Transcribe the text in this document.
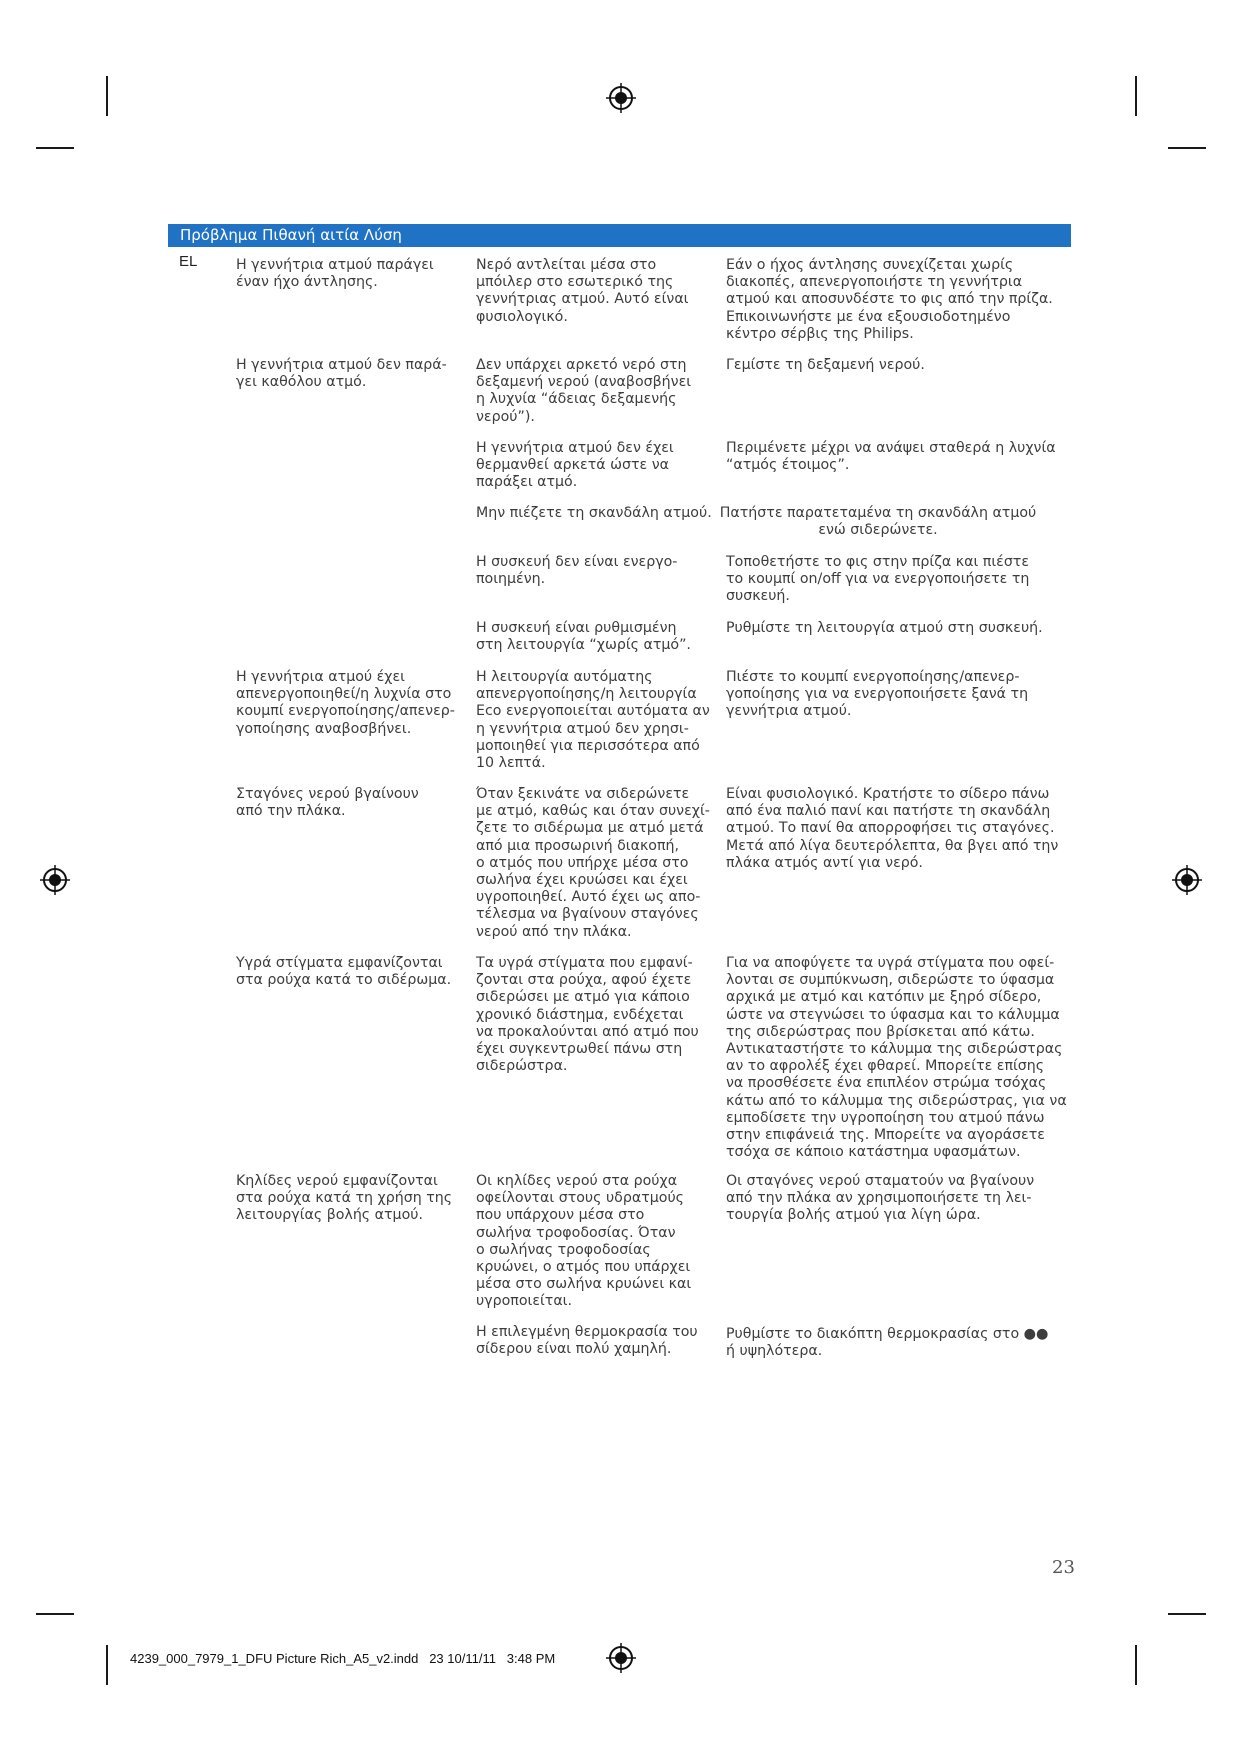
Πρόβλημα Πιθανή αιτία Λύση
EL	Η γεννήτρια ατμού παράγει
έναν ήχο άντλησης.
Νερό αντλείται μέσα στο
μπόιλερ στο εσωτερικό της
γεννήτριας ατμού. Αυτό είναι
φυσιολογικό.
Εάν ο ήχος άντλησης συνεχίζεται χωρίς
διακοπές, απενεργοποιήστε τη γεννήτρια
ατμού και αποσυνδέστε το φις από την πρίζα.
Επικοινωνήστε με ένα εξουσιοδοτημένο
κέντρο σέρβις της Philips.
Η γεννήτρια ατμού δεν παρά-
γει καθόλου ατμό.
Δεν υπάρχει αρκετό νερό στη
δεξαμενή νερού (αναβοσβήνει
η λυχνία “άδειας δεξαμενής
νερού”).
Γεμίστε τη δεξαμενή νερού.
Η γεννήτρια ατμού δεν έχει
θερμανθεί αρκετά ώστε να
παράξει ατμό.
Περιμένετε μέχρι να ανάψει σταθερά η λυχνία
“ατμός έτοιμος”.
Μην πιέζετε τη σκανδάλη ατμού. Πατήστε παρατεταμένα τη σκανδάλη ατμού
ενώ σιδερώνετε.
Η συσκευή δεν είναι ενεργο-
ποιημένη.
Τοποθετήστε το φις στην πρίζα και πιέστε
το κουμπί on/off για να ενεργοποιήσετε τη
συσκευή.
Η συσκευή είναι ρυθμισμένη
στη λειτουργία “χωρίς ατμό”.
Ρυθμίστε τη λειτουργία ατμού στη συσκευή.
Η γεννήτρια ατμού έχει
απενεργοποιηθεί/η λυχνία στο
κουμπί ενεργοποίησης/απενερ-
γοποίησης αναβοσβήνει.
Η λειτουργία αυτόματης
απενεργοποίησης/η λειτουργία
Eco ενεργοποιείται αυτόματα αν
η γεννήτρια ατμού δεν χρησι-
μοποιηθεί για περισσότερα από
10 λεπτά.
Πιέστε το κουμπί ενεργοποίησης/απενερ-
γοποίησης για να ενεργοποιήσετε ξανά τη
γεννήτρια ατμού.
Σταγόνες νερού βγαίνουν
από την πλάκα.
Όταν ξεκινάτε να σιδερώνετε
με ατμό, καθώς και όταν συνεχί-
ζετε το σιδέρωμα με ατμό μετά
από μια προσωρινή διακοπή,
ο ατμός που υπήρχε μέσα στο
σωλήνα έχει κρυώσει και έχει
υγροποιηθεί. Αυτό έχει ως απο-
τέλεσμα να βγαίνουν σταγόνες
νερού από την πλάκα.
Είναι φυσιολογικό. Κρατήστε το σίδερο πάνω
από ένα παλιό πανί και πατήστε τη σκανδάλη
ατμού. Το πανί θα απορροφήσει τις σταγόνες.
Μετά από λίγα δευτερόλεπτα, θα βγει από την
πλάκα ατμός αντί για νερό.
Υγρά στίγματα εμφανίζονται
στα ρούχα κατά το σιδέρωμα.
Τα υγρά στίγματα που εμφανί-
ζονται στα ρούχα, αφού έχετε
σιδερώσει με ατμό για κάποιο
χρονικό διάστημα, ενδέχεται
να προκαλούνται από ατμό που
έχει συγκεντρωθεί πάνω στη
σιδερώστρα.
Για να αποφύγετε τα υγρά στίγματα που οφεί-
λονται σε συμπύκνωση, σιδερώστε το ύφασμα
αρχικά με ατμό και κατόπιν με ξηρό σίδερο,
ώστε να στεγνώσει το ύφασμα και το κάλυμμα
της σιδερώστρας που βρίσκεται από κάτω.
Αντικαταστήστε το κάλυμμα της σιδερώστρας
αν το αφρολέξ έχει φθαρεί. Μπορείτε επίσης
να προσθέσετε ένα επιπλέον στρώμα τσόχας
κάτω από το κάλυμμα της σιδερώστρας, για να
εμποδίσετε την υγροποίηση του ατμού πάνω
στην επιφάνειά της. Μπορείτε να αγοράσετε
τσόχα σε κάποιο κατάστημα υφασμάτων.
Κηλίδες νερού εμφανίζονται
στα ρούχα κατά τη χρήση της
λειτουργίας βολής ατμού.
Οι κηλίδες νερού στα ρούχα
οφείλονται στους υδρατμούς
που υπάρχουν μέσα στο
σωλήνα τροφοδοσίας. Όταν
ο σωλήνας τροφοδοσίας
κρυώνει, ο ατμός που υπάρχει
μέσα στο σωλήνα κρυώνει και
υγροποιείται.
Οι σταγόνες νερού σταματούν να βγαίνουν
από την πλάκα αν χρησιμοποιήσετε τη λει-
τουργία βολής ατμού για λίγη ώρα.
Η επιλεγμένη θερμοκρασία του
σίδερου είναι πολύ χαμηλή.
Ρυθμίστε το διακόπτη θερμοκρασίας στο ●●
ή υψηλότερα.
23
4239_000_7979_1_DFU Picture Rich_A5_v2.indd   23 10/11/11   3:48 PM
